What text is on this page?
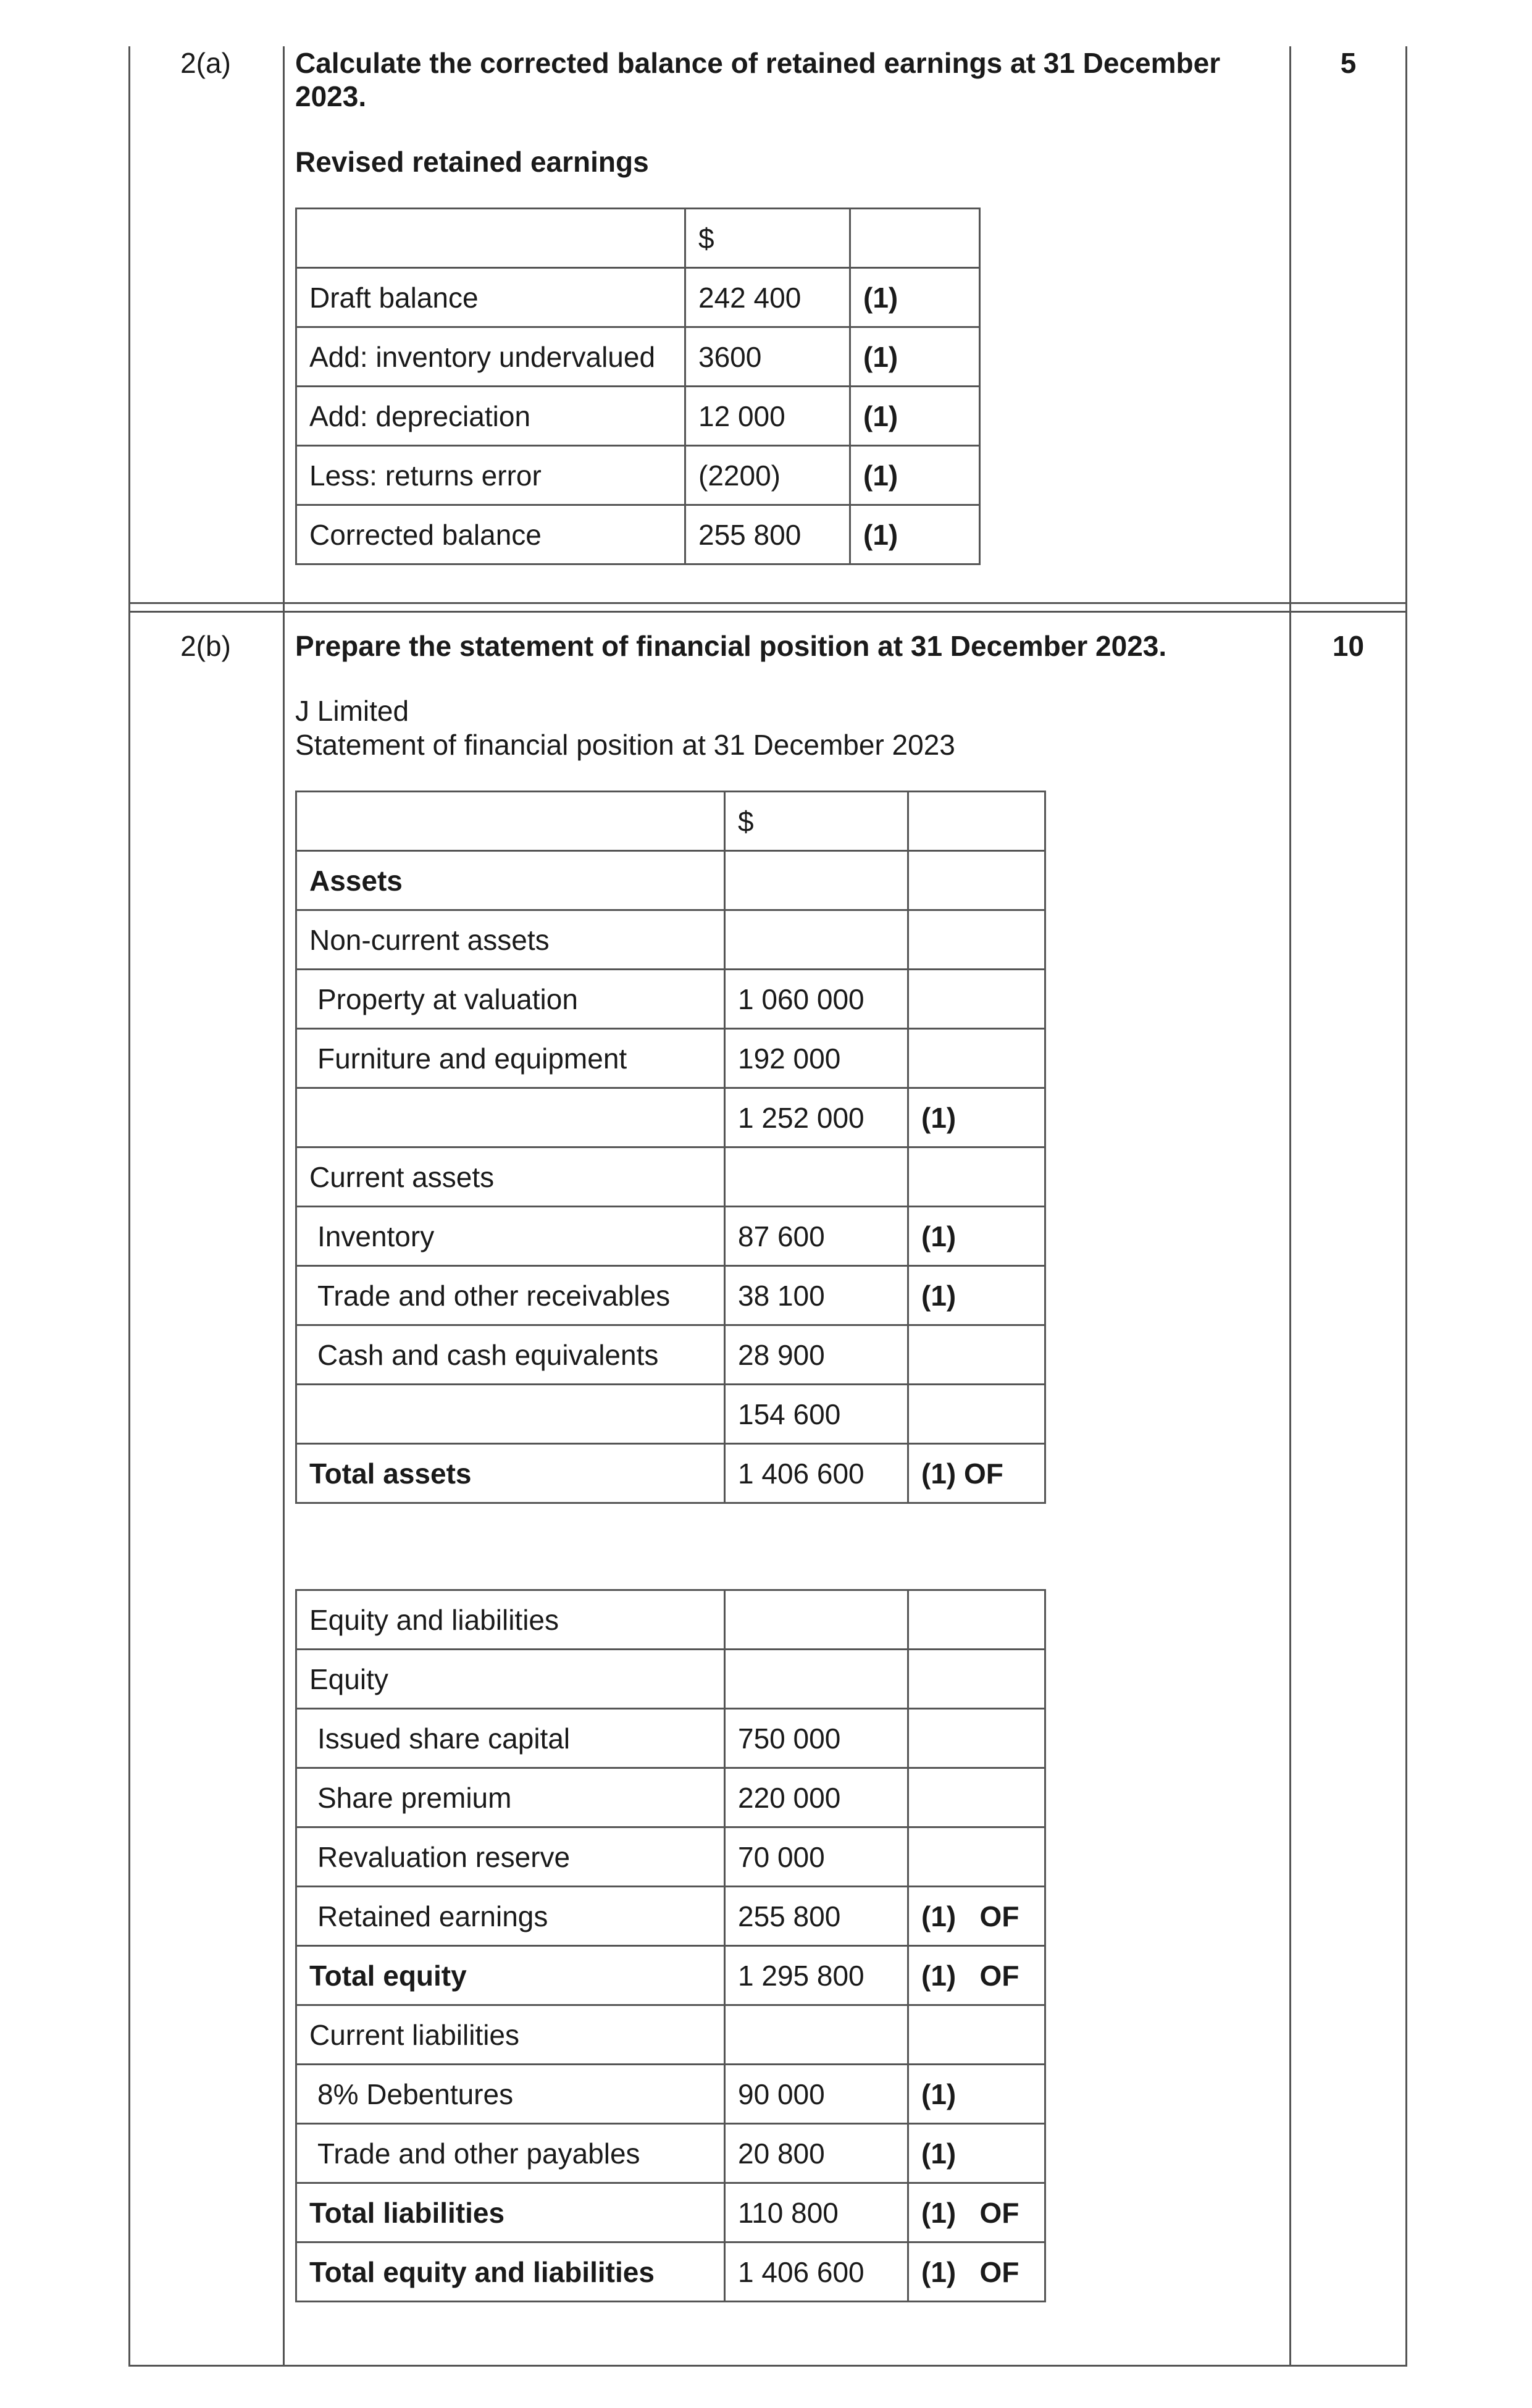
2(a)	5

Calculate the corrected balance of retained earnings at 31 December 2023.

Revised retained earnings

	$	
Draft balance	242 400	(1)
Add: inventory undervalued	3600	(1)
Add: depreciation	12 000	(1)
Less: returns error	(2200)	(1)
Corrected balance	255 800	(1)
2(b)	10

Prepare the statement of financial position at 31 December 2023.

J Limited

Statement of financial position at 31 December 2023

	$	
Assets		
Non-current assets		
Property at valuation	1 060 000	
Furniture and equipment	192 000	
	1 252 000	(1)
Current assets		
Inventory	87 600	(1)
Trade and other receivables	38 100	(1)
Cash and cash equivalents	28 900	
	154 600	
Total assets	1 406 600	(1) OF
Equity and liabilities		
Equity		
Issued share capital	750 000	
Share premium	220 000	
Revaluation reserve	70 000	
Retained earnings	255 800	(1)   OF
Total equity	1 295 800	(1)   OF
Current liabilities		
8% Debentures	90 000	(1)
Trade and other payables	20 800	(1)
Total liabilities	110 800	(1)   OF
Total equity and liabilities	1 406 600	(1)   OF
